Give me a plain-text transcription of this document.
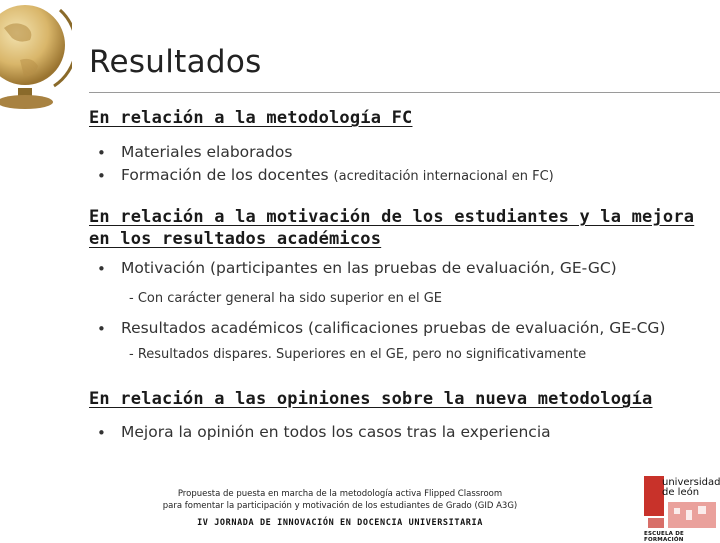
Resultados
En relación a la metodología FC
• Materiales elaborados
• Formación de los docentes (acreditación internacional en FC)
En relación a la motivación de los estudiantes y la mejora en los resultados académicos
• Motivación (participantes en las pruebas de evaluación, GE-GC)
- Con carácter general ha sido superior en el GE
• Resultados académicos (calificaciones pruebas de evaluación, GE-CG)
- Resultados dispares. Superiores en el GE, pero no significativamente
En relación a las opiniones sobre la nueva metodología
• Mejora la opinión en todos los casos tras la experiencia
Propuesta de puesta en marcha de la metodología activa Flipped Classroom
para fomentar la participación y motivación de los estudiantes de Grado (GID A3G)
IV JORNADA DE INNOVACIÓN EN DOCENCIA UNIVERSITARIA
universidad de león
ESCUELA DE FORMACIÓN
